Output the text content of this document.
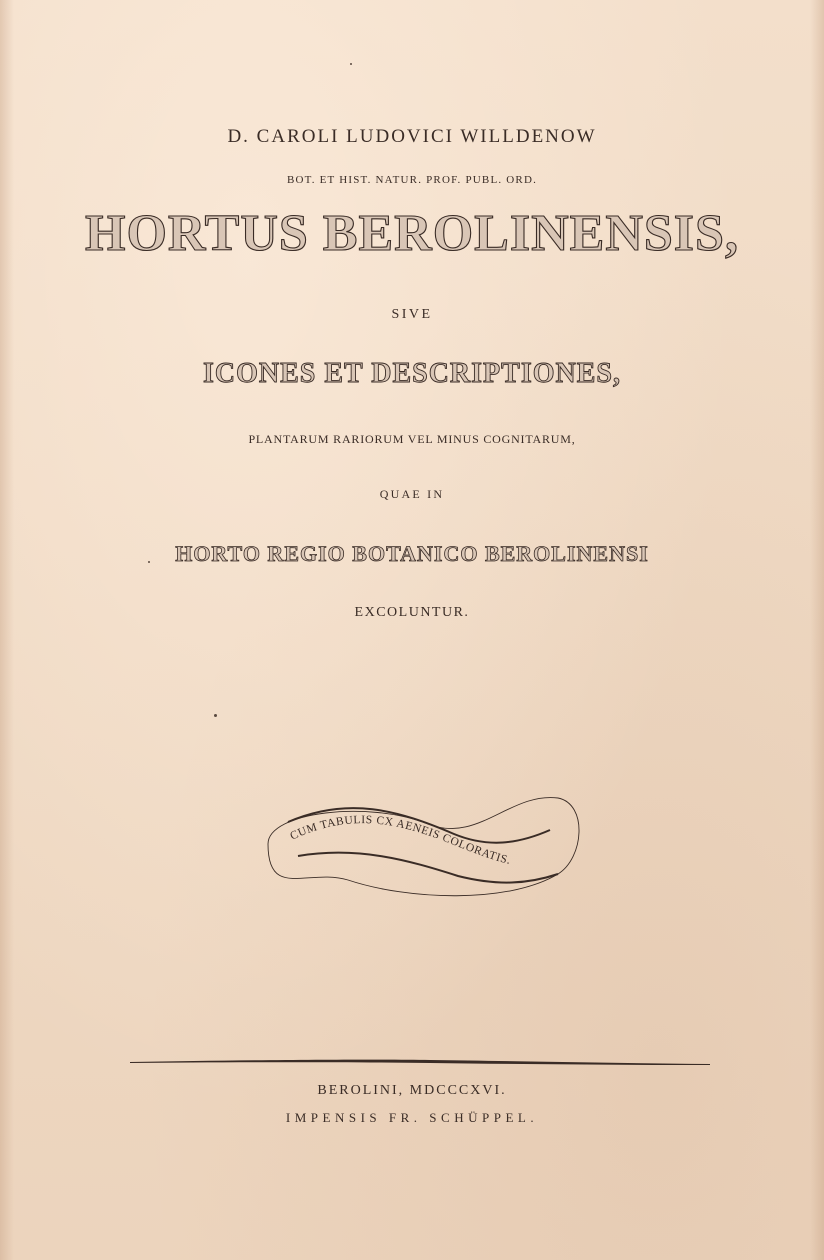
D. CAROLI LUDOVICI WILLDENOW

BOT. ET HIST. NATUR. PROF. PUBL. ORD.

HORTUS BEROLINENSIS,

SIVE

ICONES ET DESCRIPTIONES,

PLANTARUM RARIORUM VEL MINUS COGNITARUM,

QUAE IN

HORTO REGIO BOTANICO BEROLINENSI

EXCOLUNTUR.

CUM TABULIS CX AENEIS COLORATIS.

BEROLINI, MDCCCXVI.

IMPENSIS FR. SCHÜPPEL.
